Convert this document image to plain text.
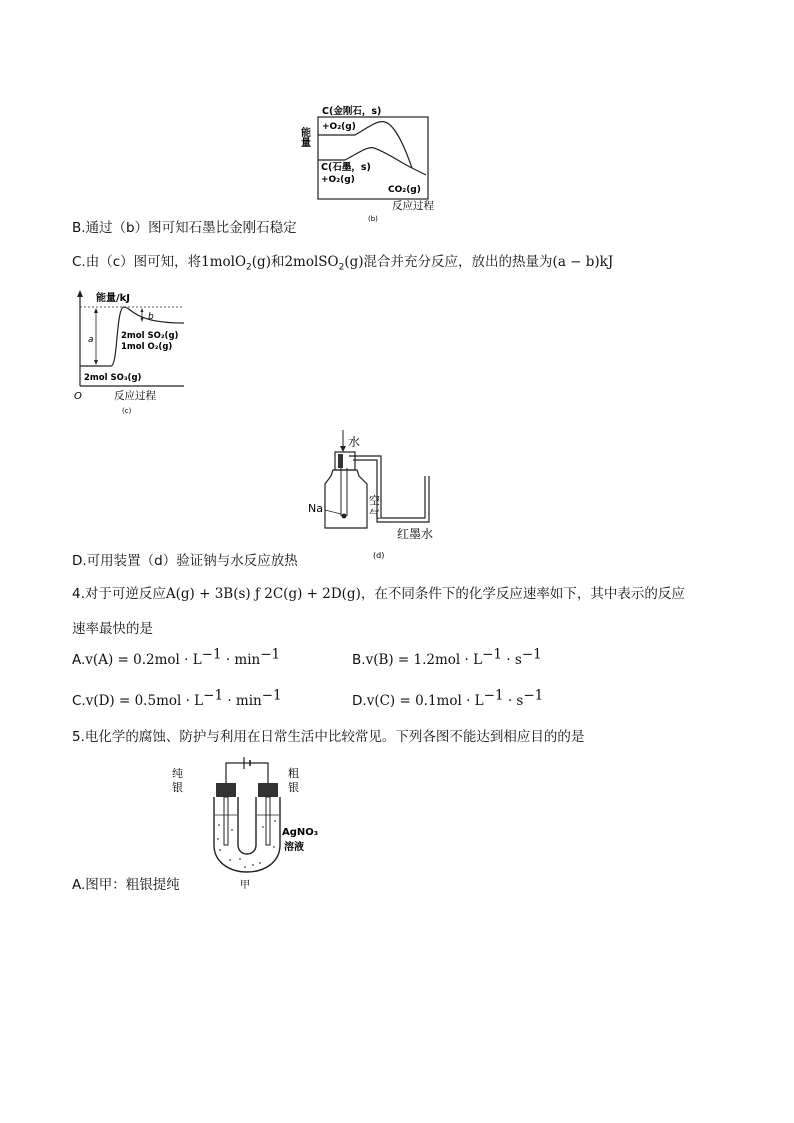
C(金刚石，s)
+O₂(g)
能量
C(石墨，s)
+O₂(g)
CO₂(g)
反应过程
(b)
B.通过（b）图可知石墨比金刚石稳定
C.由（c）图可知，将1molO$_2$(g)和2molSO$_2$(g)混合并充分反应，放出的热量为(a − b)kJ
能量/kJ
a
b
2mol SO₂(g)
1mol O₂(g)
2mol SO₃(g)
O	反应过程
(c)
水
Na
空
气
红墨水
(d)
D.可用装置（d）验证钠与水反应放热
4.对于可逆反应A(g) + 3B(s) ƒ 2C(g) + 2D(g)，在不同条件下的化学反应速率如下，其中表示的反应
速率最快的是
$A.v(A) = 0.2mol \cdot L^{-1} \cdot \min^{-1}$	$B.v(B) = 1.2mol \cdot L^{-1} \cdot s^{-1}$
$C.v(D) = 0.5mol \cdot L^{-1} \cdot \min^{-1}$	$D.v(C) = 0.1mol \cdot L^{-1} \cdot s^{-1}$
5.电化学的腐蚀、防护与利用在日常生活中比较常见。下列各图不能达到相应目的的是
纯
银
粗
银
AgNO₃
溶液
甲
A.图甲：粗银提纯
